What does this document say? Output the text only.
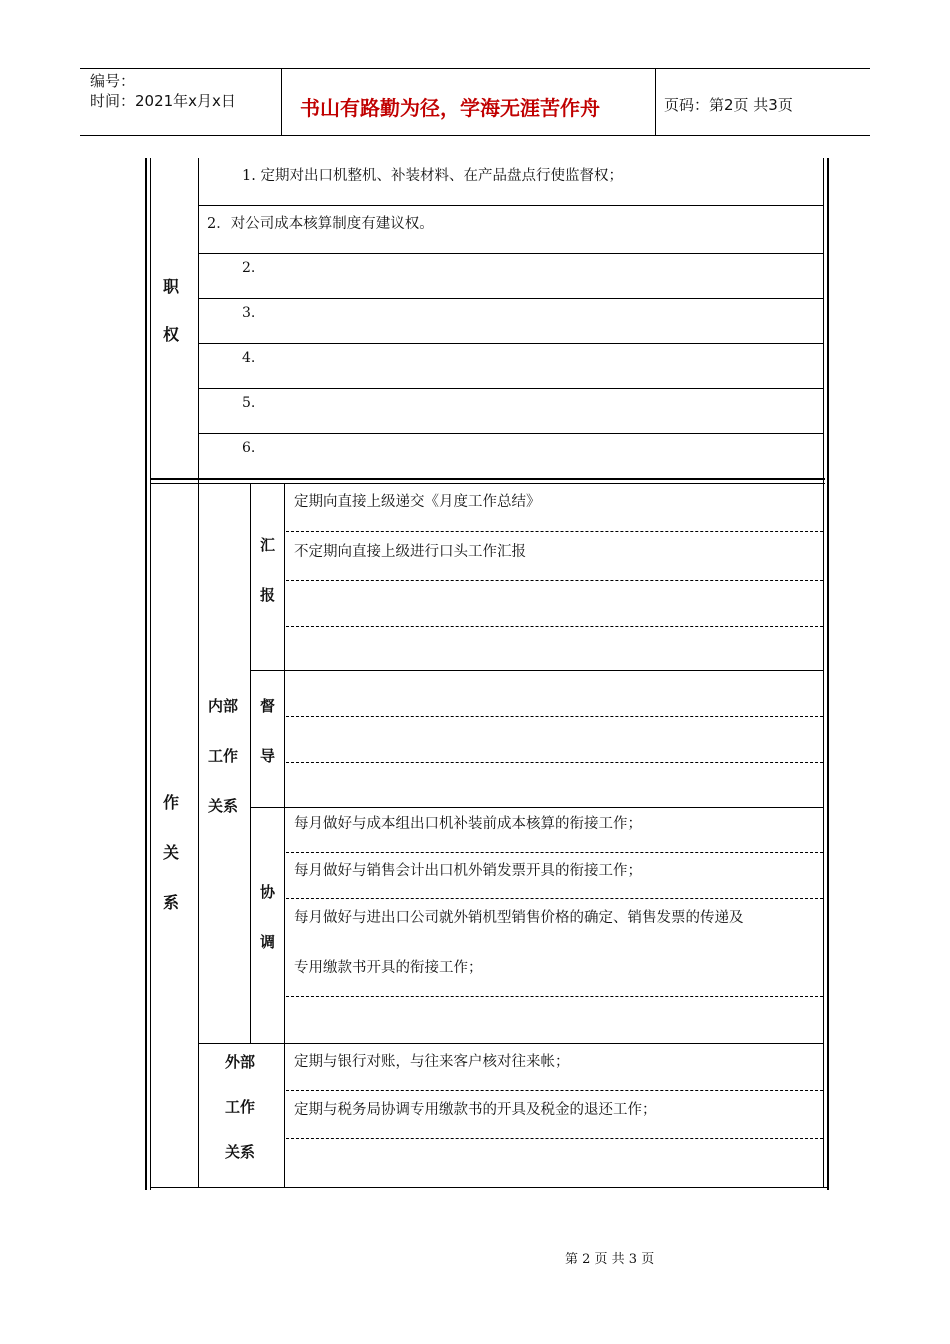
编号：
时间：2021年x月x日	书山有路勤为径，学海无涯苦作舟	页码：第2页 共3页
职
权
1. 定期对出口机整机、补装材料、在产品盘点行使监督权；
2．对公司成本核算制度有建议权。
2.
3.
4.
5.
6.
作
关
系
内部
工作
关系
汇
报
定期向直接上级递交《月度工作总结》
不定期向直接上级进行口头工作汇报
督
导
协
调
每月做好与成本组出口机补装前成本核算的衔接工作；
每月做好与销售会计出口机外销发票开具的衔接工作；
每月做好与进出口公司就外销机型销售价格的确定、销售发票的传递及
专用缴款书开具的衔接工作；
外部
工作
关系
定期与银行对账，与往来客户核对往来帐；
定期与税务局协调专用缴款书的开具及税金的退还工作；
第 2 页 共 3 页
